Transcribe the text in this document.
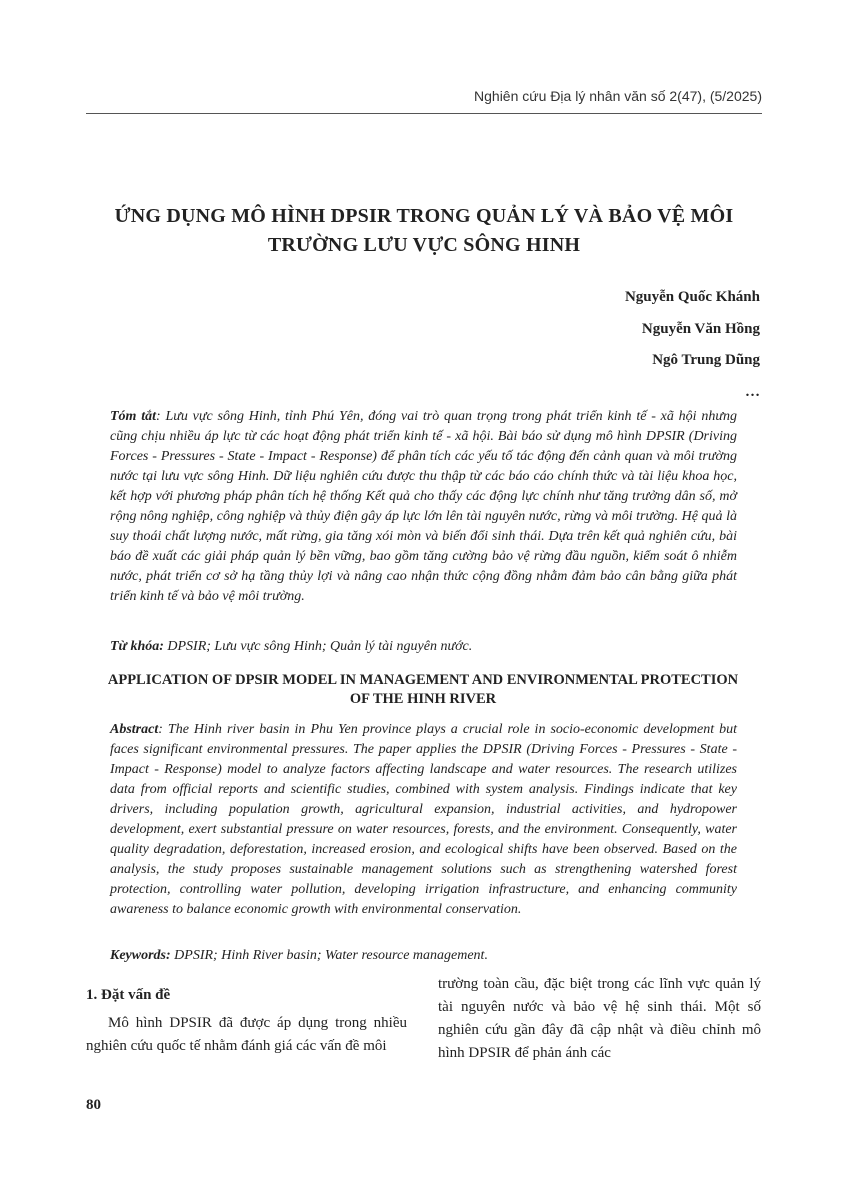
Nghiên cứu Địa lý nhân văn số 2(47), (5/2025)
ỨNG DỤNG MÔ HÌNH DPSIR TRONG QUẢN LÝ VÀ BẢO VỆ MÔI TRƯỜNG LƯU VỰC SÔNG HINH
Nguyễn Quốc Khánh
Nguyễn Văn Hồng
Ngô Trung Dũng
…

Tóm tắt: Lưu vực sông Hinh, tỉnh Phú Yên, đóng vai trò quan trọng trong phát triển kinh tế - xã hội nhưng cũng chịu nhiều áp lực từ các hoạt động phát triển kinh tế - xã hội. Bài báo sử dụng mô hình DPSIR (Driving Forces - Pressures - State - Impact - Response) để phân tích các yếu tố tác động đến cảnh quan và môi trường nước tại lưu vực sông Hinh. Dữ liệu nghiên cứu được thu thập từ các báo cáo chính thức và tài liệu khoa học, kết hợp với phương pháp phân tích hệ thống Kết quả cho thấy các động lực chính như tăng trưởng dân số, mở rộng nông nghiệp, công nghiệp và thủy điện gây áp lực lớn lên tài nguyên nước, rừng và môi trường. Hệ quả là suy thoái chất lượng nước, mất rừng, gia tăng xói mòn và biến đổi sinh thái. Dựa trên kết quả nghiên cứu, bài báo đề xuất các giải pháp quản lý bền vững, bao gồm tăng cường bảo vệ rừng đầu nguồn, kiểm soát ô nhiễm nước, phát triển cơ sở hạ tầng thủy lợi và nâng cao nhận thức cộng đồng nhằm đảm bảo cân bằng giữa phát triển kinh tế và bảo vệ môi trường.

Từ khóa: DPSIR; Lưu vực sông Hinh; Quản lý tài nguyên nước.

APPLICATION OF DPSIR MODEL IN MANAGEMENT AND ENVIRONMENTAL PROTECTION OF THE HINH RIVER

Abstract: The Hinh river basin in Phu Yen province plays a crucial role in socio-economic development but faces significant environmental pressures. The paper applies the DPSIR (Driving Forces - Pressures - State - Impact - Response) model to analyze factors affecting landscape and water resources. The research utilizes data from official reports and scientific studies, combined with system analysis. Findings indicate that key drivers, including population growth, agricultural expansion, industrial activities, and hydropower development, exert substantial pressure on water resources, forests, and the environment. Consequently, water quality degradation, deforestation, increased erosion, and ecological shifts have been observed. Based on the analysis, the study proposes sustainable management solutions such as strengthening watershed forest protection, controlling water pollution, developing irrigation infrastructure, and enhancing community awareness to balance economic growth with environmental conservation.

Keywords: DPSIR; Hinh River basin; Water resource management.

1. Đặt vấn đề

Mô hình DPSIR đã được áp dụng trong nhiều nghiên cứu quốc tế nhằm đánh giá các vấn đề môi

trường toàn cầu, đặc biệt trong các lĩnh vực quản lý tài nguyên nước và bảo vệ hệ sinh thái. Một số nghiên cứu gần đây đã cập nhật và điều chỉnh mô hình DPSIR để phản ánh các

80
